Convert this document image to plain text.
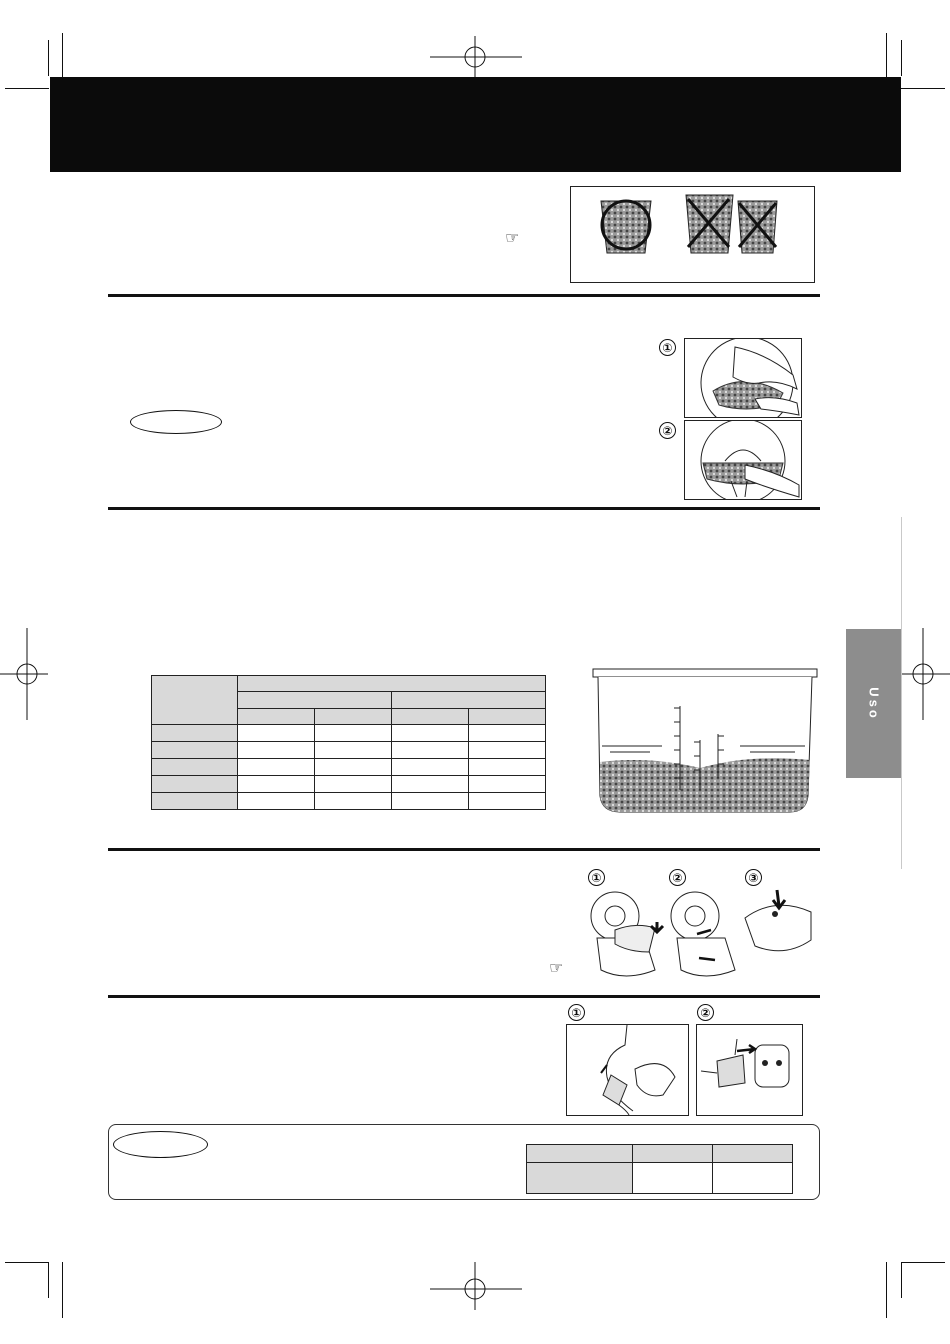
☞
①
②

①	②	③
☞
①	②

Uso
